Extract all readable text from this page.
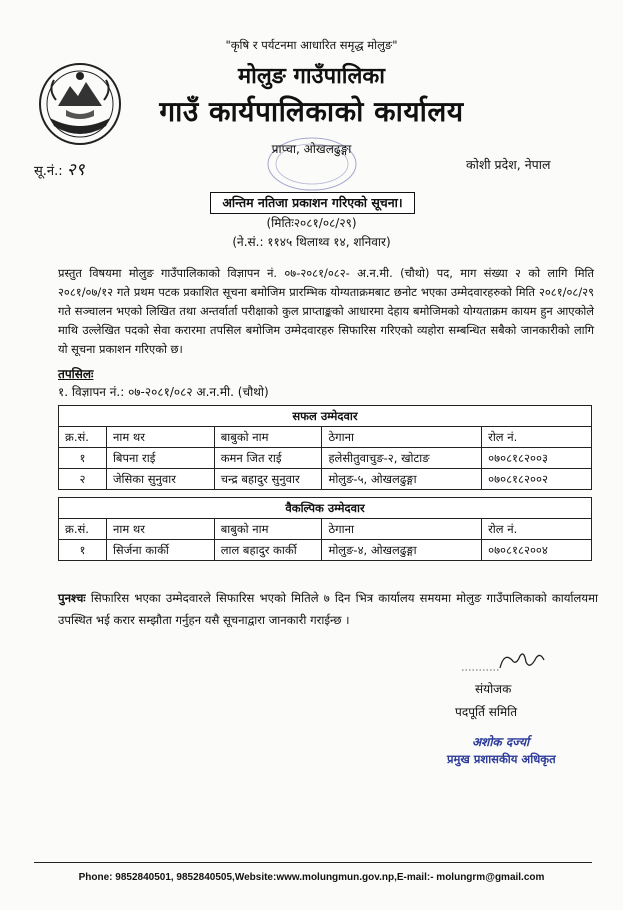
"कृषि र पर्यटनमा आधारित समृद्ध मोलुङ"
मोलुङ गाउँपालिका
गाउँ कार्यपालिकाको कार्यालय
प्राप्चा, ओखलढुङ्गा
कोशी प्रदेश, नेपाल
सू.नं.: २९
अन्तिम नतिजा प्रकाशन गरिएको सूचना।
(मितिः२०८१/०८/२९)
(ने.सं.: ११४५ थिलाथ्व १४, शनिवार)
प्रस्तुत विषयमा मोलुङ गाउँपालिकाको विज्ञापन नं. ०७-२०८१/०८२- अ.न.मी. (चौथो) पद, माग संख्या २ को लागि मिति २०८१/०७/१२ गते प्रथम पटक प्रकाशित सूचना बमोजिम प्रारम्भिक योग्यताक्रमबाट छनोट भएका उम्मेदवारहरुको मिति २०८१/०८/२९ गते सञ्चालन भएको लिखित तथा अन्तर्वार्ता परीक्षाको कुल प्राप्ताङ्कको आधारमा देहाय बमोजिमको योग्यताक्रम कायम हुन आएकोले माथि उल्लेखित पदको सेवा करारमा तपसिल बमोजिम उम्मेदवारहरु सिफारिस गरिएको व्यहोरा सम्बन्धित सबैको जानकारीको लागि यो सूचना प्रकाशन गरिएको छ।
तपसिलः
१. विज्ञापन नं.: ०७-२०८१/०८२ अ.न.मी. (चौथो)
सफल उम्मेदवार				
क्र.सं.	नाम थर	बाबुको नाम	ठेगाना	रोल नं.
१	बिपना राई	कमन जित राई	हलेसीतुवाचुङ-२, खोटाङ	०७०८१८२००३
२	जेसिका सुनुवार	चन्द्र बहादुर सुनुवार	मोलुङ-५, ओखलढुङ्गा	०७०८१८२००२
वैकल्पिक उम्मेदवार				
क्र.सं.	नाम थर	बाबुको नाम	ठेगाना	रोल नं.
१	सिर्जना कार्की	लाल बहादुर कार्की	मोलुङ-४, ओखलढुङ्गा	०७०८१८२००४
पुनश्चः सिफारिस भएका उम्मेदवारले सिफारिस भएको मितिले ७ दिन भित्र कार्यालय समयमा मोलुङ गाउँपालिकाको कार्यालयमा उपस्थित भई करार सम्झौता गर्नुहन यसै सूचनाद्वारा जानकारी गराईन्छ ।
संयोजक
पदपूर्ति समिति
अशोक दर्ज्या
प्रमुख प्रशासकीय अधिकृत
Phone: 9852840501, 9852840505,Website:www.molungmun.gov.np,E-mail:- molungrm@gmail.com
